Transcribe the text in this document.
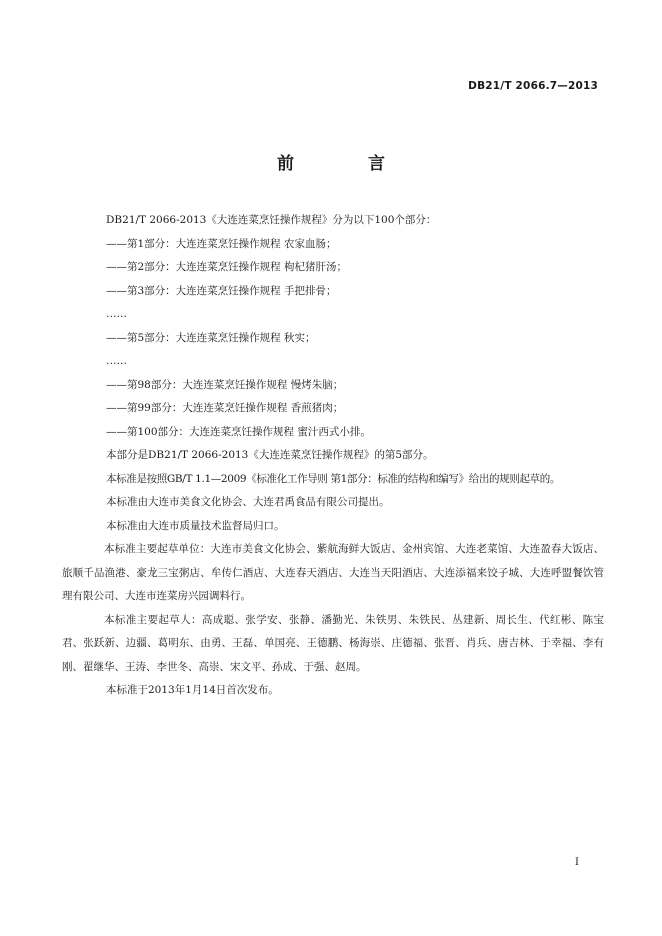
DB21/T 2066.7—2013
前 言

DB21/T 2066-2013《大连连菜烹饪操作规程》分为以下100个部分：

——第1部分：大连连菜烹饪操作规程 农家血肠；

——第2部分：大连连菜烹饪操作规程 枸杞猪肝汤；

——第3部分：大连连菜烹饪操作规程 手把排骨；

……

——第5部分：大连连菜烹饪操作规程 秋实；

……

——第98部分：大连连菜烹饪操作规程 慢烤朱脑；

——第99部分：大连连菜烹饪操作规程 香煎猪肉；

——第100部分：大连连菜烹饪操作规程 蜜汁西式小排。

本部分是DB21/T 2066-2013《大连连菜烹饪操作规程》的第5部分。

本标准是按照GB/T 1.1—2009《标准化工作导则 第1部分：标准的结构和编写》给出的规则起草的。

本标准由大连市美食文化协会、大连君禹食品有限公司提出。

本标准由大连市质量技术监督局归口。

本标准主要起草单位：大连市美食文化协会、紫航海鲜大饭店、金州宾馆、大连老菜馆、大连盈春大饭店、旅顺千品渔港、豪龙三宝粥店、牟传仁酒店、大连春天酒店、大连当天阳酒店、大连添福来饺子城、大连呼盟餐饮管理有限公司、大连市连菜房兴园调料行。

本标准主要起草人：高成聪、张学安、张静、潘勤光、朱铁男、朱铁民、丛建新、周长生、代红彬、陈宝君、张跃新、边疆、葛明东、由勇、王磊、单国亮、王德鹏、杨海崇、庄德福、张晋、肖兵、唐吉林、于幸福、李有刚、翟继华、王涛、李世冬、高崇、宋文平、孙成、于强、赵周。

本标准于2013年1月14日首次发布。

I
